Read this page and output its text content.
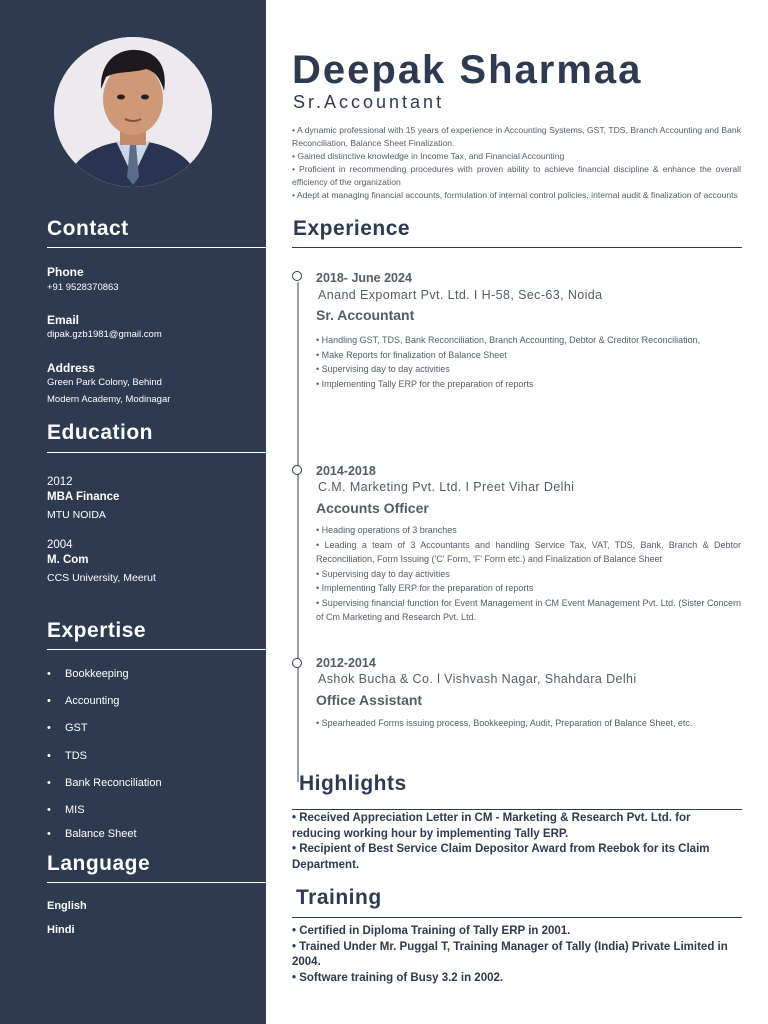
Contact
Phone
+91 9528370863
Email
dipak.gzb1981@gmail.com
Address
Green Park Colony, Behind
Modern Academy, Modinagar
Education
2012
MBA Finance
MTU NOIDA
2004
M. Com
CCS University, Meerut
Expertise
Bookkeeping
Accounting
GST
TDS
Bank Reconciliation
MIS
Balance Sheet
Language
English
Hindi
Deepak Sharmaa
Sr.Accountant
• A dynamic professional with 15 years of experience in Accounting Systems, GST, TDS, Branch Accounting and Bank Reconciliation, Balance Sheet Finalization.
• Gained distinctive knowledge in Income Tax, and Financial Accounting
• Proficient in recommending procedures with proven ability to achieve financial discipline & enhance the overall efficiency of the organization
• Adept at managing financial accounts, formulation of internal control policies, internal audit & finalization of accounts
Experience
2018- June 2024
Anand Expomart Pvt. Ltd. I H-58, Sec-63, Noida
Sr. Accountant
• Handling GST, TDS, Bank Reconciliation, Branch Accounting, Debtor & Creditor Reconciliation,
• Make Reports for finalization of Balance Sheet
• Supervising day to day activities
• Implementing Tally ERP for the preparation of reports
2014-2018
C.M. Marketing Pvt. Ltd. I Preet Vihar Delhi
Accounts Officer
• Heading operations of 3 branches
• Leading a team of 3 Accountants and handling Service Tax, VAT, TDS, Bank, Branch & Debtor Reconciliation, Form Issuing ('C' Form, 'F' Form etc.) and Finalization of Balance Sheet
• Supervising day to day activities
• Implementing Tally ERP for the preparation of reports
• Supervising financial function for Event Management in CM Event Management Pvt. Ltd. (Sister Concern of Cm Marketing and Research Pvt. Ltd.
2012-2014
Ashok Bucha & Co. l Vishvash Nagar, Shahdara Delhi
Office Assistant
• Spearheaded Forms issuing process, Bookkeeping, Audit, Preparation of Balance Sheet, etc.
Highlights
• Received Appreciation Letter in CM - Marketing & Research Pvt. Ltd. for reducing working hour by implementing Tally ERP.
• Recipient of Best Service Claim Depositor Award from Reebok for its Claim Department.
Training
• Certified in Diploma Training of Tally ERP in 2001.
• Trained Under Mr. Puggal T, Training Manager of Tally (India) Private Limited in 2004.
• Software training of Busy 3.2 in 2002.
